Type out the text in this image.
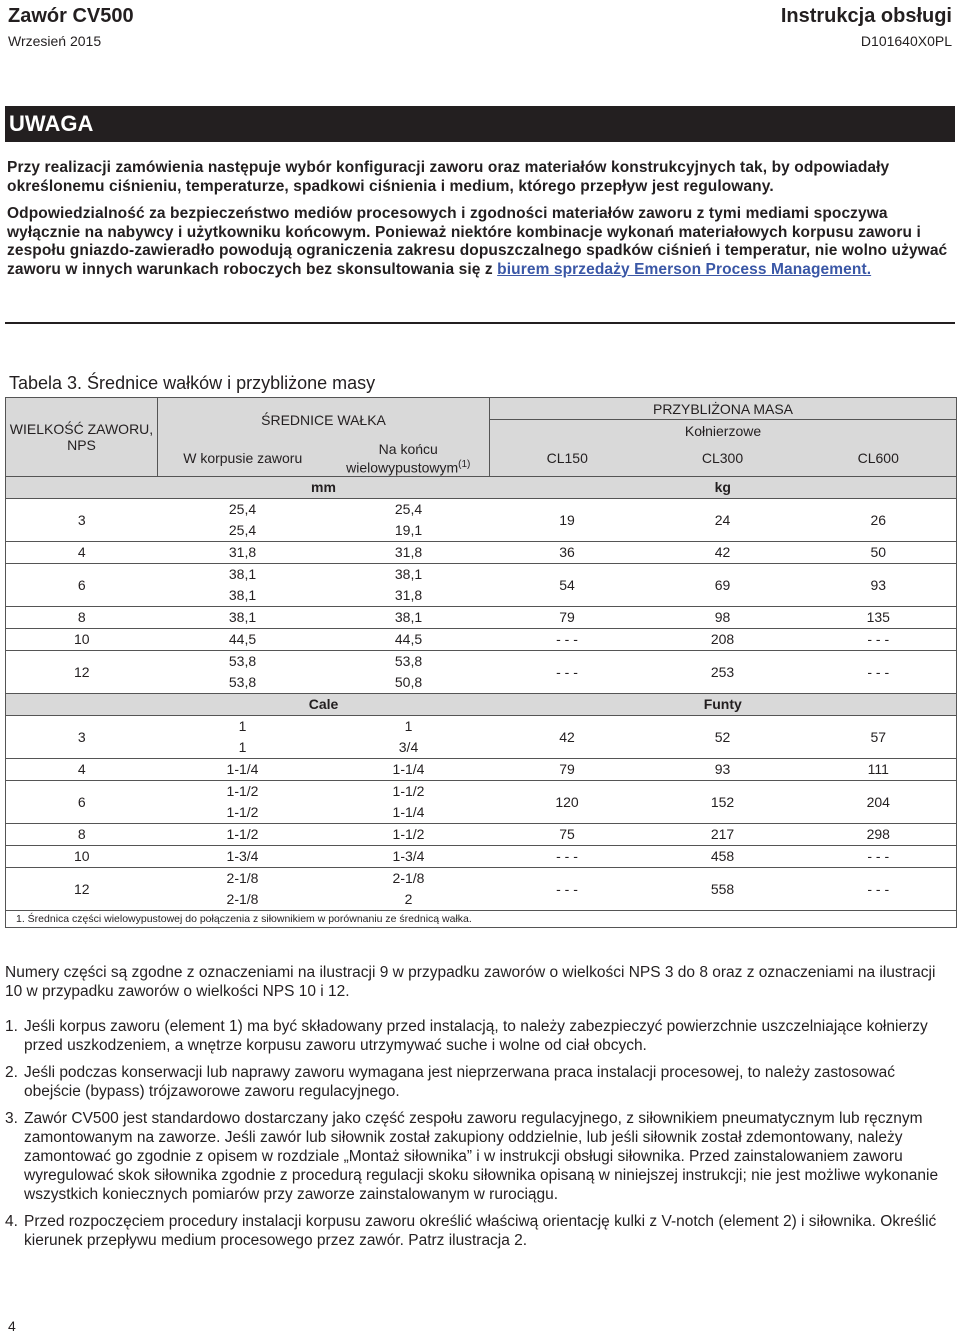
Zawór CV500
Wrzesień 2015
Instrukcja obsługi
D101640X0PL
UWAGA

Przy realizacji zamówienia następuje wybór konfiguracji zaworu oraz materiałów konstrukcyjnych tak, by odpowiadały określonemu ciśnieniu, temperaturze, spadkowi ciśnienia i medium, którego przepływ jest regulowany.

Odpowiedzialność za bezpieczeństwo mediów procesowych i zgodności materiałów zaworu z tymi mediami spoczywa wyłącznie na nabywcy i użytkowniku końcowym. Ponieważ niektóre kombinacje wykonań materiałowych korpusu zaworu i zespołu gniazdo-zawieradło powodują ograniczenia zakresu dopuszczalnego spadków ciśnień i temperatur, nie wolno używać zaworu w innych warunkach roboczych bez skonsultowania się z biurem sprzedaży Emerson Process Management.

Tabela 3. Średnice wałków i przybliżone masy
WIELKOŚĆ ZAWORU, NPS	ŚREDNICE WAŁKA		PRZYBLIŻONA MASA		
			Kołnierzowe		
	W korpusie zaworu	Na końcu wielowypustowym$^{(1)}$	CL150	CL300	CL600

	mm		kg		
3	25,4	25,4	19	24	26
	25,4	19,1			
4	31,8	31,8	36	42	50
6	38,1	38,1	54	69	93
	38,1	31,8			
8	38,1	38,1	79	98	135
10	44,5	44,5	- - -	208	- - -
12	53,8	53,8	- - -	253	- - -
	53,8	50,8			
	Cale		Funty		
3	1	1	42	52	57
	1	3/4			
4	1-1/4	1-1/4	79	93	111
6	1-1/2	1-1/2	120	152	204
	1-1/2	1-1/4			
8	1-1/2	1-1/2	75	217	298
10	1-3/4	1-3/4	- - -	458	- - -
12	2-1/8	2-1/8	- - -	558	- - -
	2-1/8	2			
1. Średnica części wielowypustowej do połączenia z siłownikiem w porównaniu ze średnicą wałka.					

Numery części są zgodne z oznaczeniami na ilustracji 9 w przypadku zaworów o wielkości NPS 3 do 8 oraz z oznaczeniami na ilustracji 10 w przypadku zaworów o wielkości NPS 10 i 12.

1. Jeśli korpus zaworu (element 1) ma być składowany przed instalacją, to należy zabezpieczyć powierzchnie uszczelniające kołnierzy przed uszkodzeniem, a wnętrze korpusu zaworu utrzymywać suche i wolne od ciał obcych.
2. Jeśli podczas konserwacji lub naprawy zaworu wymagana jest nieprzerwana praca instalacji procesowej, to należy zastosować obejście (bypass) trójzaworowe zaworu regulacyjnego.
3. Zawór CV500 jest standardowo dostarczany jako część zespołu zaworu regulacyjnego, z siłownikiem pneumatycznym lub ręcznym zamontowanym na zaworze. Jeśli zawór lub siłownik został zakupiony oddzielnie, lub jeśli siłownik został zdemontowany, należy zamontować go zgodnie z opisem w rozdziale „Montaż siłownika” i w instrukcji obsługi siłownika. Przed zainstalowaniem zaworu wyregulować skok siłownika zgodnie z procedurą regulacji skoku siłownika opisaną w niniejszej instrukcji; nie jest możliwe wykonanie wszystkich koniecznych pomiarów przy zaworze zainstalowanym w rurociągu.
4. Przed rozpoczęciem procedury instalacji korpusu zaworu określić właściwą orientację kulki z V-notch (element 2) i siłownika. Określić kierunek przepływu medium procesowego przez zawór. Patrz ilustracja 2.
4
